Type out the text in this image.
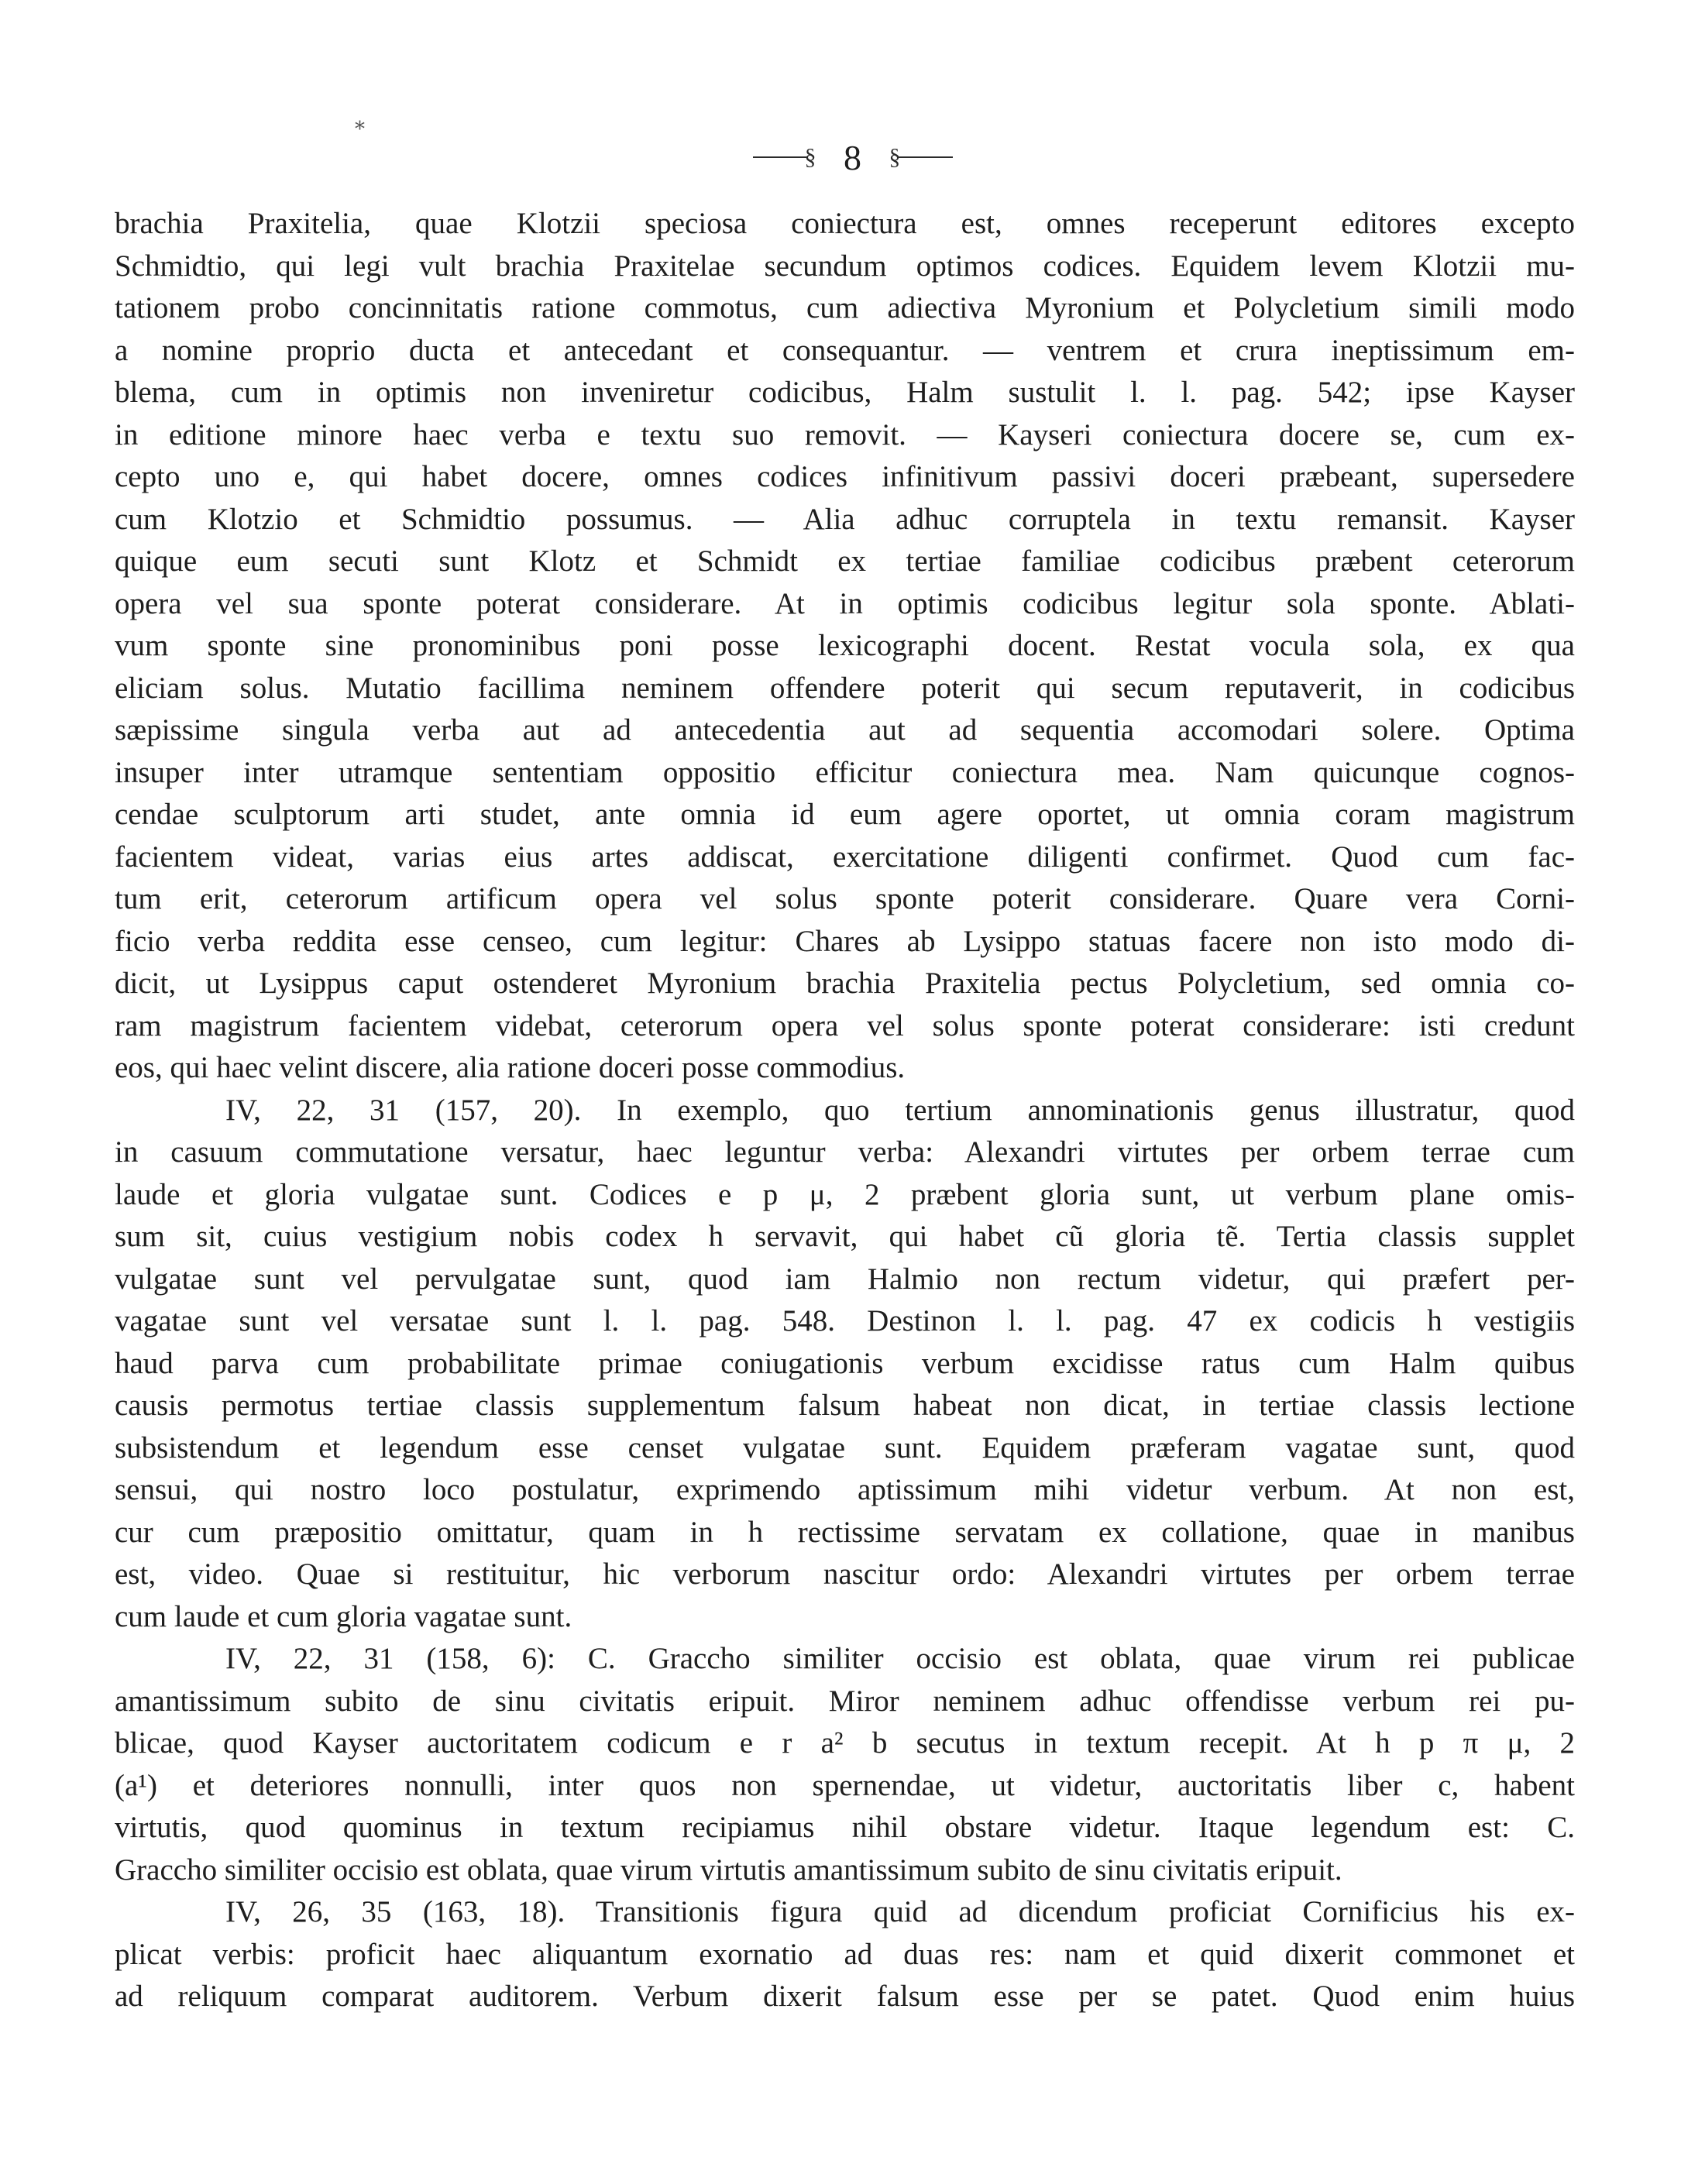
*
§ 8 §
brachia Praxitelia, quae Klotzii speciosa coniectura est, omnes receperunt editores excepto
Schmidtio, qui legi vult brachia Praxitelae secundum optimos codices. Equidem levem Klotzii mu-
tationem probo concinnitatis ratione commotus, cum adiectiva Myronium et Polycletium simili modo
a nomine proprio ducta et antecedant et consequantur. — ventrem et crura ineptissimum em-
blema, cum in optimis non inveniretur codicibus, Halm sustulit l. l. pag. 542; ipse Kayser
in editione minore haec verba e textu suo removit. — Kayseri coniectura docere se, cum ex-
cepto uno e, qui habet docere, omnes codices infinitivum passivi doceri præbeant, supersedere
cum Klotzio et Schmidtio possumus. — Alia adhuc corruptela in textu remansit. Kayser
quique eum secuti sunt Klotz et Schmidt ex tertiae familiae codicibus præbent ceterorum
opera vel sua sponte poterat considerare. At in optimis codicibus legitur sola sponte. Ablati-
vum sponte sine pronominibus poni posse lexicographi docent. Restat vocula sola, ex qua
eliciam solus. Mutatio facillima neminem offendere poterit qui secum reputaverit, in codicibus
sæpissime singula verba aut ad antecedentia aut ad sequentia accomodari solere. Optima
insuper inter utramque sententiam oppositio efficitur coniectura mea. Nam quicunque cognos-
cendae sculptorum arti studet, ante omnia id eum agere oportet, ut omnia coram magistrum
facientem videat, varias eius artes addiscat, exercitatione diligenti confirmet. Quod cum fac-
tum erit, ceterorum artificum opera vel solus sponte poterit considerare. Quare vera Corni-
ficio verba reddita esse censeo, cum legitur: Chares ab Lysippo statuas facere non isto modo di-
dicit, ut Lysippus caput ostenderet Myronium brachia Praxitelia pectus Polycletium, sed omnia co-
ram magistrum facientem videbat, ceterorum opera vel solus sponte poterat considerare: isti credunt
eos, qui haec velint discere, alia ratione doceri posse commodius.
IV, 22, 31 (157, 20). In exemplo, quo tertium annominationis genus illustratur, quod
in casuum commutatione versatur, haec leguntur verba: Alexandri virtutes per orbem terrae cum
laude et gloria vulgatae sunt. Codices e p μ, 2 præbent gloria sunt, ut verbum plane omis-
sum sit, cuius vestigium nobis codex h servavit, qui habet cũ gloria tẽ. Tertia classis supplet
vulgatae sunt vel pervulgatae sunt, quod iam Halmio non rectum videtur, qui præfert per-
vagatae sunt vel versatae sunt l. l. pag. 548. Destinon l. l. pag. 47 ex codicis h vestigiis
haud parva cum probabilitate primae coniugationis verbum excidisse ratus cum Halm quibus
causis permotus tertiae classis supplementum falsum habeat non dicat, in tertiae classis lectione
subsistendum et legendum esse censet vulgatae sunt. Equidem præferam vagatae sunt, quod
sensui, qui nostro loco postulatur, exprimendo aptissimum mihi videtur verbum. At non est,
cur cum præpositio omittatur, quam in h rectissime servatam ex collatione, quae in manibus
est, video. Quae si restituitur, hic verborum nascitur ordo: Alexandri virtutes per orbem terrae
cum laude et cum gloria vagatae sunt.
IV, 22, 31 (158, 6): C. Graccho similiter occisio est oblata, quae virum rei publicae
amantissimum subito de sinu civitatis eripuit. Miror neminem adhuc offendisse verbum rei pu-
blicae, quod Kayser auctoritatem codicum e r a² b secutus in textum recepit. At h p π μ, 2
(a¹) et deteriores nonnulli, inter quos non spernendae, ut videtur, auctoritatis liber c, habent
virtutis, quod quominus in textum recipiamus nihil obstare videtur. Itaque legendum est: C.
Graccho similiter occisio est oblata, quae virum virtutis amantissimum subito de sinu civitatis eripuit.
IV, 26, 35 (163, 18). Transitionis figura quid ad dicendum proficiat Cornificius his ex-
plicat verbis: proficit haec aliquantum exornatio ad duas res: nam et quid dixerit commonet et
ad reliquum comparat auditorem. Verbum dixerit falsum esse per se patet. Quod enim huius
